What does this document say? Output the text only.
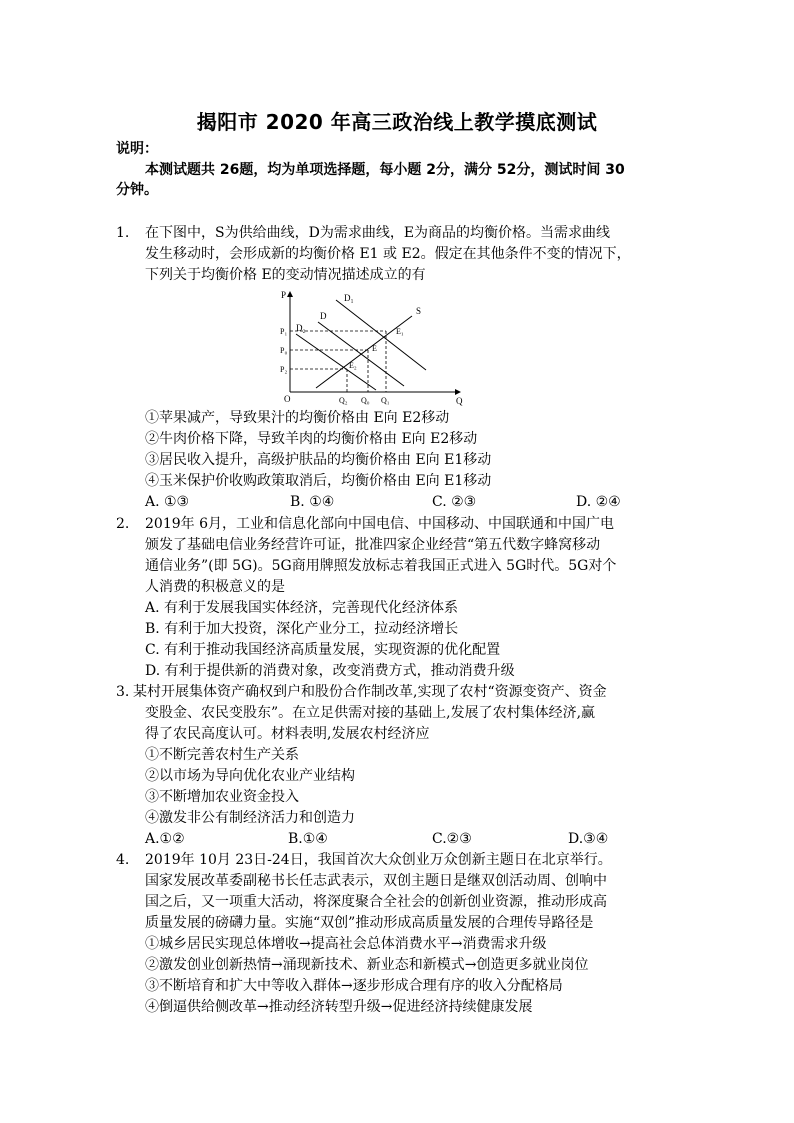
揭阳市 2020 年高三政治线上教学摸底测试
说明：
本测试题共 26题，均为单项选择题，每小题 2分，满分 52分，测试时间 30
分钟。
1. 在下图中，S为供给曲线，D为需求曲线，E为商品的均衡价格。当需求曲线
发生移动时，会形成新的均衡价格 E1 或 E2。假定在其他条件不变的情况下，
下列关于均衡价格 E的变动情况描述成立的有
P
Q
O
S
D₁
D
D₂
P₁
P₀
P₂
Q₂ Q₀ Q₁
E
E₁
E₂
①苹果减产，导致果汁的均衡价格由 E向 E2移动
②牛肉价格下降，导致羊肉的均衡价格由 E向 E2移动
③居民收入提升，高级护肤品的均衡价格由 E向 E1移动
④玉米保护价收购政策取消后，均衡价格由 E向 E1移动
A. ①③	B. ①④	C. ②③	D. ②④
2. 2019年 6月，工业和信息化部向中国电信、中国移动、中国联通和中国广电
颁发了基础电信业务经营许可证，批准四家企业经营“第五代数字蜂窝移动
通信业务”(即 5G)。5G商用牌照发放标志着我国正式进入 5G时代。5G对个
人消费的积极意义的是
A. 有利于发展我国实体经济，完善现代化经济体系
B. 有利于加大投资，深化产业分工，拉动经济增长
C. 有利于推动我国经济高质量发展，实现资源的优化配置
D. 有利于提供新的消费对象，改变消费方式，推动消费升级
3. 某村开展集体资产确权到户和股份合作制改革,实现了农村“资源变资产、资金
变股金、农民变股东”。在立足供需对接的基础上,发展了农村集体经济,赢
得了农民高度认可。材料表明,发展农村经济应
①不断完善农村生产关系
②以市场为导向优化农业产业结构
③不断增加农业资金投入
④激发非公有制经济活力和创造力
A.①②	B.①④	C.②③	D.③④
4. 2019年 10月 23日-24日，我国首次大众创业万众创新主题日在北京举行。
国家发展改革委副秘书长任志武表示，双创主题日是继双创活动周、创响中
国之后，又一项重大活动，将深度聚合全社会的创新创业资源，推动形成高
质量发展的磅礴力量。实施“双创”推动形成高质量发展的合理传导路径是
①城乡居民实现总体增收→提高社会总体消费水平→消费需求升级
②激发创业创新热情→涌现新技术、新业态和新模式→创造更多就业岗位
③不断培育和扩大中等收入群体→逐步形成合理有序的收入分配格局
④倒逼供给侧改革→推动经济转型升级→促进经济持续健康发展
